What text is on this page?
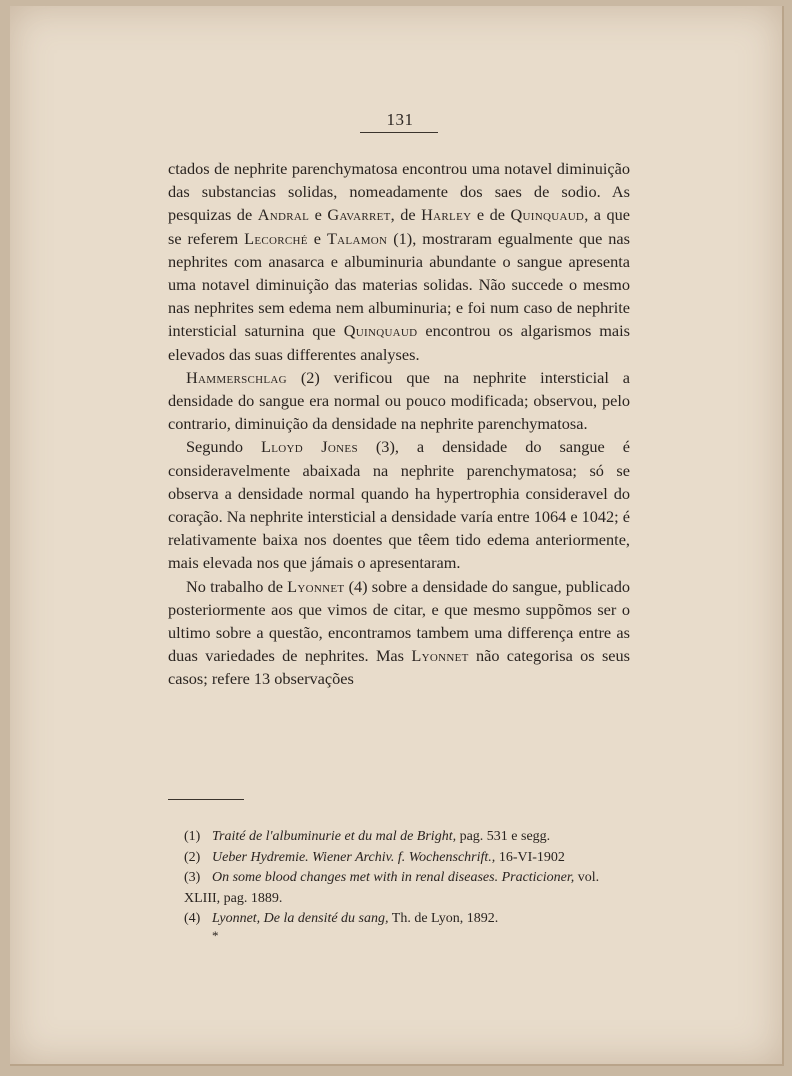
131

ctados de nephrite parenchymatosa encontrou uma notavel diminuição das substancias solidas, nomeadamente dos saes de sodio. As pesquizas de Andral e Gavarret, de Harley e de Quinquaud, a que se referem Lecorché e Talamon (1), mostraram egualmente que nas nephrites com anasarca e albuminuria abundante o sangue apresenta uma notavel diminuição das materias solidas. Não succede o mesmo nas nephrites sem edema nem albuminuria; e foi num caso de nephrite intersticial saturnina que Quinquaud encontrou os algarismos mais elevados das suas differentes analyses.

Hammerschlag (2) verificou que na nephrite intersticial a densidade do sangue era normal ou pouco modificada; observou, pelo contrario, diminuição da densidade na nephrite parenchymatosa.

Segundo Lloyd Jones (3), a densidade do sangue é consideravelmente abaixada na nephrite parenchymatosa; só se observa a densidade normal quando ha hypertrophia consideravel do coração. Na nephrite intersticial a densidade varía entre 1064 e 1042; é relativamente baixa nos doentes que têem tido edema anteriormente, mais elevada nos que jámais o apresentaram.

No trabalho de Lyonnet (4) sobre a densidade do sangue, publicado posteriormente aos que vimos de citar, e que mesmo suppõmos ser o ultimo sobre a questão, encontramos tambem uma differença entre as duas variedades de nephrites. Mas Lyonnet não categorisa os seus casos; refere 13 observações

(1) Traité de l'albuminurie et du mal de Bright, pag. 531 e segg.

(2) Ueber Hydremie. Wiener Archiv. f. Wochenschrift., 16-VI-1902

(3) On some blood changes met with in renal diseases. Practicioner, vol. XLIII, pag. 1889.

(4) Lyonnet, De la densité du sang, Th. de Lyon, 1892.

*
